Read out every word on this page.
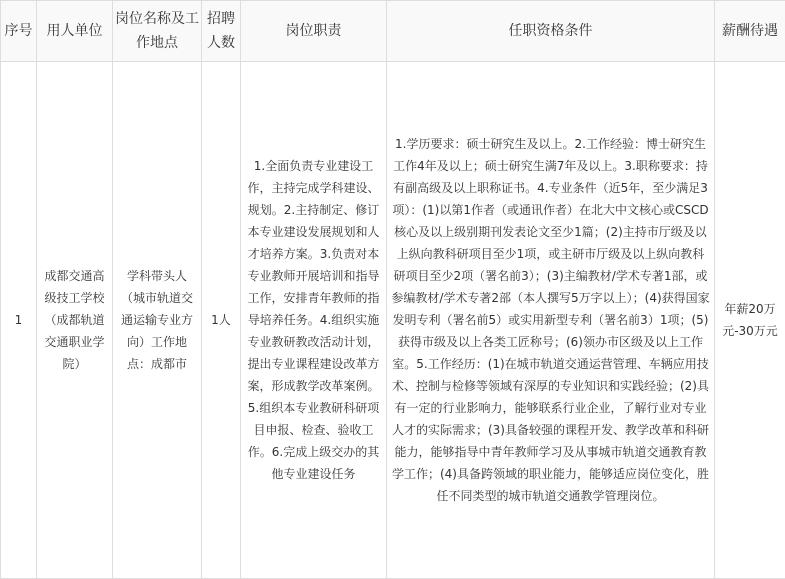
序号	用人单位	岗位名称及工作地点	招聘人数	岗位职责	任职资格条件	薪酬待遇
1	成都交通高级技工学校（成都轨道交通职业学院）	学科带头人（城市轨道交通运输专业方向）工作地点：成都市	1人	1.全面负责专业建设工作，主持完成学科建设、规划。2.主持制定、修订本专业建设发展规划和人才培养方案。3.负责对本专业教师开展培训和指导工作，安排青年教师的指导培养任务。4.组织实施专业教研教改活动计划，提出专业课程建设改革方案，形成教学改革案例。5.组织本专业教研科研项目申报、检查、验收工作。6.完成上级交办的其他专业建设任务	1.学历要求：硕士研究生及以上。2.工作经验：博士研究生工作4年及以上；硕士研究生满7年及以上。3.职称要求：持有副高级及以上职称证书。4.专业条件（近5年，至少满足3项）：(1)以第1作者（或通讯作者）在北大中文核心或CSCD核心及以上级别期刊发表论文至少1篇；(2)主持市厅级及以上纵向教科研项目至少1项，或主研市厅级及以上纵向教科研项目至少2项（署名前3）；(3)主编教材/学术专著1部，或参编教材/学术专著2部（本人撰写5万字以上）；(4)获得国家发明专利（署名前5）或实用新型专利（署名前3）1项；(5)获得市级及以上各类工匠称号；(6)领办市区级及以上工作室。5.工作经历：(1)在城市轨道交通运营管理、车辆应用技术、控制与检修等领域有深厚的专业知识和实践经验；(2)具有一定的行业影响力，能够联系行业企业，了解行业对专业人才的实际需求；(3)具备较强的课程开发、教学改革和科研能力，能够指导中青年教师学习及从事城市轨道交通教育教学工作；(4)具备跨领域的职业能力，能够适应岗位变化，胜任不同类型的城市轨道交通教学管理岗位。	年薪20万元-30万元
